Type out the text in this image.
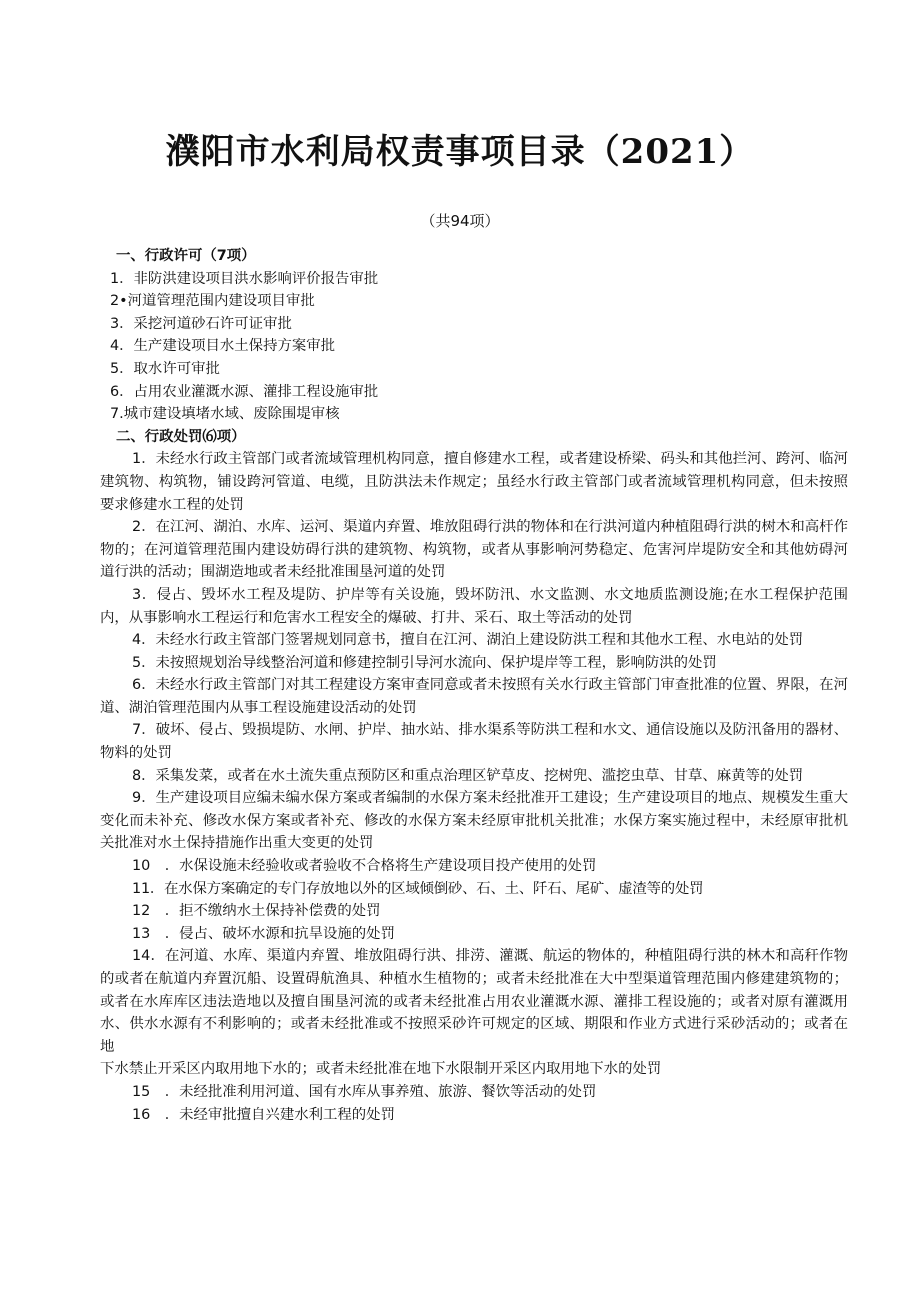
濮阳市水利局权责事项目录（2021）
（共94项）
一、行政许可（7项）
1．非防洪建设项目洪水影响评价报告审批
2•河道管理范围内建设项目审批
3．采挖河道砂石许可证审批
4．生产建设项目水土保持方案审批
5．取水许可审批
6．占用农业灌溉水源、灌排工程设施审批
7.城市建设填堵水域、废除围堤审核
二、行政处罚⑹项）
1．未经水行政主管部门或者流域管理机构同意，擅自修建水工程，或者建设桥梁、码头和其他拦河、跨河、临河建筑物、构筑物，铺设跨河管道、电缆，且防洪法未作规定；虽经水行政主管部门或者流域管理机构同意，但未按照要求修建水工程的处罚
2．在江河、湖泊、水库、运河、渠道内弃置、堆放阻碍行洪的物体和在行洪河道内种植阻碍行洪的树木和高杆作物的；在河道管理范围内建设妨碍行洪的建筑物、构筑物，或者从事影响河势稳定、危害河岸堤防安全和其他妨碍河道行洪的活动；围湖造地或者未经批准围垦河道的处罚
3．侵占、毁坏水工程及堤防、护岸等有关设施，毁坏防汛、水文监测、水文地质监测设施;在水工程保护范围内，从事影响水工程运行和危害水工程安全的爆破、打井、采石、取土等活动的处罚
4．未经水行政主管部门签署规划同意书，擅自在江河、湖泊上建设防洪工程和其他水工程、水电站的处罚
5．未按照规划治导线整治河道和修建控制引导河水流向、保护堤岸等工程，影响防洪的处罚
6．未经水行政主管部门对其工程建设方案审查同意或者未按照有关水行政主管部门审查批准的位置、界限，在河道、湖泊管理范围内从事工程设施建设活动的处罚
7．破坏、侵占、毁损堤防、水闸、护岸、抽水站、排水渠系等防洪工程和水文、通信设施以及防汛备用的器材、物料的处罚
8．采集发菜，或者在水土流失重点预防区和重点治理区铲草皮、挖树兜、滥挖虫草、甘草、麻黄等的处罚
9．生产建设项目应编未编水保方案或者编制的水保方案未经批准开工建设；生产建设项目的地点、规模发生重大变化而未补充、修改水保方案或者补充、修改的水保方案未经原审批机关批准；水保方案实施过程中，未经原审批机关批准对水土保持措施作出重大变更的处罚
10　．水保设施未经验收或者验收不合格将生产建设项目投产使用的处罚
11．在水保方案确定的专门存放地以外的区域倾倒砂、石、土、阡石、尾矿、虚渣等的处罚
12　．拒不缴纳水土保持补偿费的处罚
13　．侵占、破坏水源和抗旱设施的处罚
14．在河道、水库、渠道内弃置、堆放阻碍行洪、排涝、灌溉、航运的物体的，种植阻碍行洪的林木和高秆作物的或者在航道内弃置沉船、设置碍航渔具、种植水生植物的；或者未经批准在大中型渠道管理范围内修建建筑物的；或者在水库库区违法造地以及擅自围垦河流的或者未经批准占用农业灌溉水源、灌排工程设施的；或者对原有灌溉用水、供水水源有不利影响的；或者未经批准或不按照采砂许可规定的区域、期限和作业方式进行采砂活动的；或者在地
下水禁止开采区内取用地下水的；或者未经批准在地下水限制开采区内取用地下水的处罚
15　．未经批准利用河道、国有水库从事养殖、旅游、餐饮等活动的处罚
16　．未经审批擅自兴建水利工程的处罚
